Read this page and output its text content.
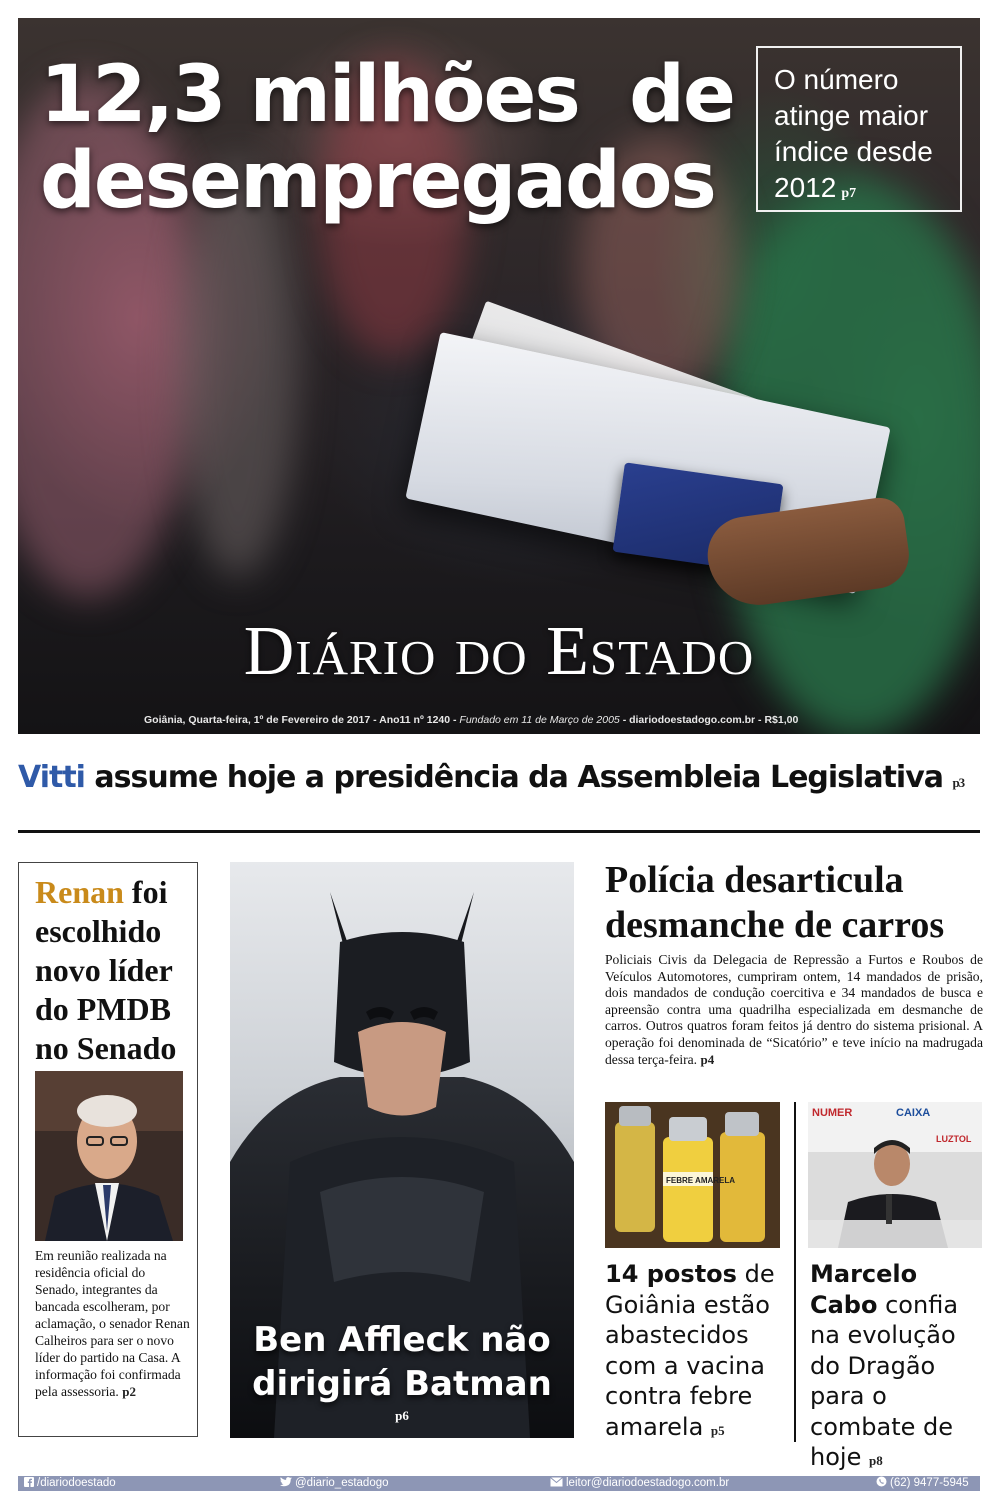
12,3 milhões  de
desempregados
O número atinge maior índice desde 2012 p7
Diário do Estado
Goiânia, Quarta-feira, 1º de Fevereiro de 2017 - Ano11 nº 1240 - Fundado em 11 de Março de 2005 - diariodoestadogo.com.br - R$1,00
Vitti assume hoje a presidência da Assembleia Legislativa p3
Renan foi escolhido novo líder do PMDB no Senado
Em reunião realizada na residência oficial do Senado, integrantes da bancada escolheram, por aclamação, o senador Renan Calheiros para ser o novo líder do partido na Casa. A informação foi confirmada pela assessoria. p2
Ben Affleck não dirigirá Batman
p6
Polícia desarticula desmanche de carros
Policiais Civis da Delegacia de Repressão a Furtos e Roubos de Veículos Automotores, cumpriram ontem, 14 mandados de prisão, dois mandados de condução coercitiva e 34 mandados de busca e apreensão contra uma quadrilha especializada em desmanche de carros. Outros quatros foram feitos já dentro do sistema prisional. A operação foi denominada de “Sicatório” e teve início na madrugada dessa terça-feira. p4
FEBRE AMARELA
14 postos de Goiânia estão abastecidos com a vacina contra febre amarela p5
NUMER	CAIXA
LUZTOL
Marcelo Cabo confia na evolução do Dragão para o combate de hoje p8
/diariodoestado	@diario_estadogo	leitor@diariodoestadogo.com.br	(62) 9477-5945
